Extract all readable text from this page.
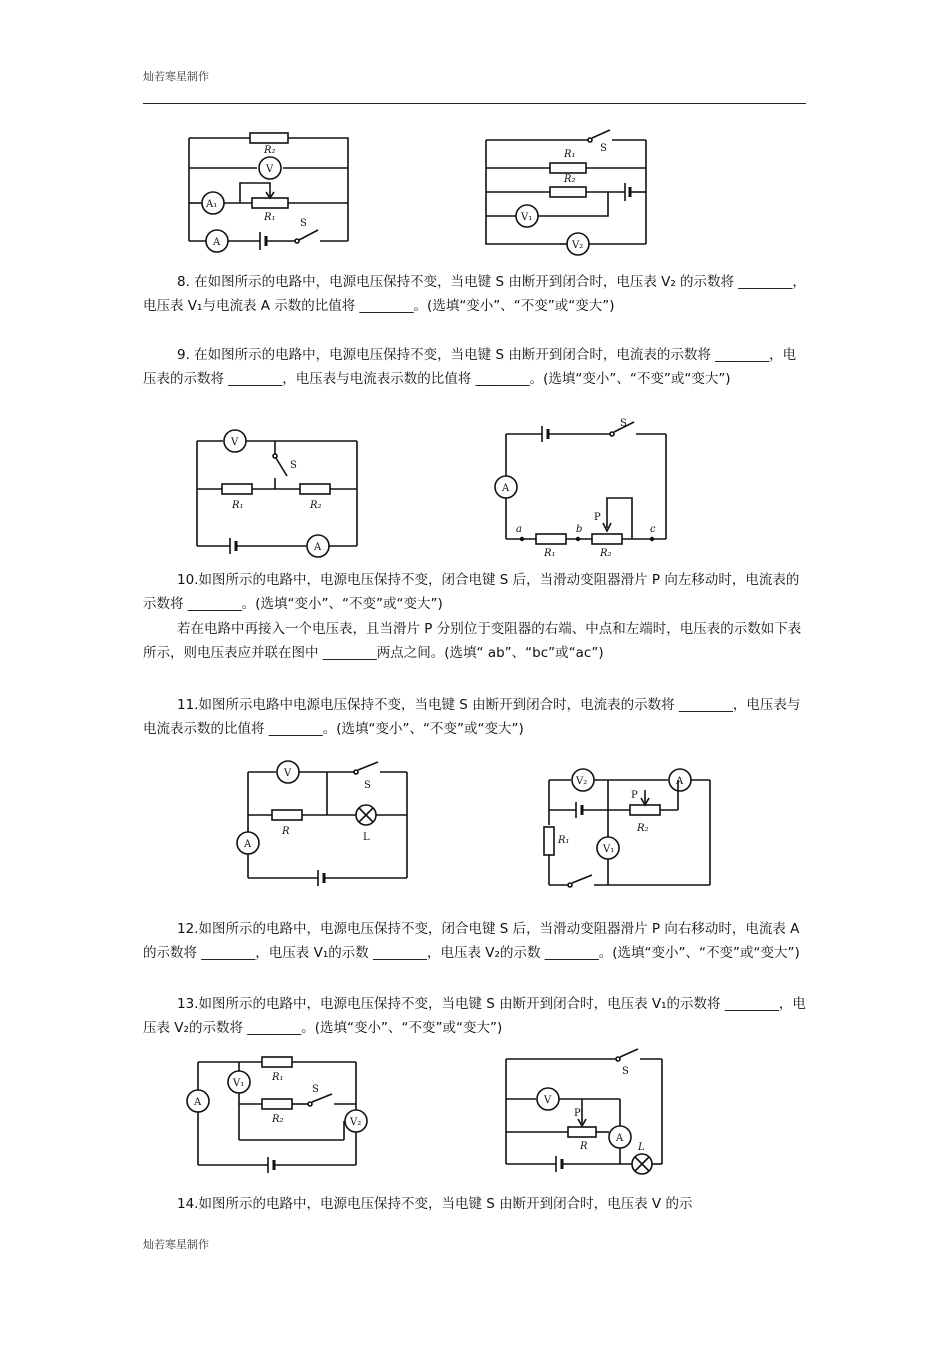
灿若寒星制作
R₂
V
A₁
R₁
A
S
S
R₁
R₂
V₁
V₂
8. 在如图所示的电路中，电源电压保持不变，当电键 S 由断开到闭合时，电压表 V₂ 的示数将 ________，电压表 V₁与电流表 A 示数的比值将 ________。(选填“变小”、“不变”或“变大”)
9. 在如图所示的电路中，电源电压保持不变，当电键 S 由断开到闭合时，电流表的示数将 ________，电压表的示数将 ________，电压表与电流表示数的比值将 ________。(选填“变小”、“不变”或“变大”)
V
S
R₁	R₂
A
S
A
a	b	c
R₁	R₂
P
10.如图所示的电路中，电源电压保持不变，闭合电键 S 后，当滑动变阻器滑片 P 向左移动时，电流表的示数将 ________。(选填“变小”、“不变”或“变大”)
若在电路中再接入一个电压表，且当滑片 P 分别位于变阻器的右端、中点和左端时，电压表的示数如下表所示，则电压表应并联在图中 ________两点之间。(选填“ ab”、“bc”或“ac”)
11.如图所示电路中电源电压保持不变，当电键 S 由断开到闭合时，电流表的示数将 ________，电压表与电流表示数的比值将 ________。(选填“变小”、“不变”或“变大”)
V
S
A
R
L
V₂	A
R₁
P
R₂
V₁
12.如图所示的电路中，电源电压保持不变，闭合电键 S 后，当滑动变阻器滑片 P 向右移动时，电流表 A 的示数将 ________，电压表 V₁的示数 ________，电压表 V₂的示数 ________。(选填“变小”、“不变”或“变大”)
13.如图所示的电路中，电源电压保持不变，当电键 S 由断开到闭合时，电压表 V₁的示数将 ________，电压表 V₂的示数将 ________。(选填“变小”、“不变”或“变大”)
A
R₁
V₂
V₁
R₂
S
S
V
A
P
R	L
14.如图所示的电路中，电源电压保持不变，当电键 S 由断开到闭合时，电压表 V 的示
灿若寒星制作
